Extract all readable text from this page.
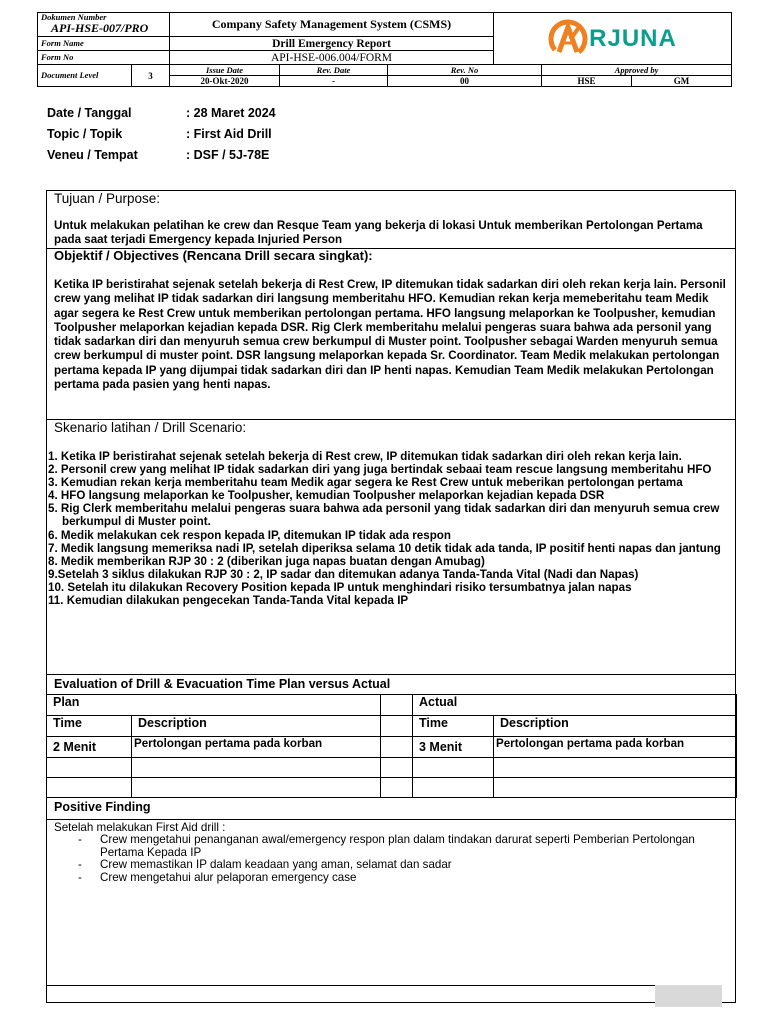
Dokumen Number
API-HSE-007/PRO		Company Safety Management System (CSMS)			RJUNA		

Form Name		Drill Emergency Report					
Form No		API-HSE-006.004/FORM					
Document Level	3	Issue Date	Rev. Date	Rev. No		Approved by	
		20-Okt-2020	-	00		HSE	GM
Date / Tanggal	: 28 Maret 2024
Topic / Topik	: First Aid Drill
Veneu / Tempat	: DSF / 5J-78E
Tujuan / Purpose:
Untuk melakukan pelatihan ke crew dan Resque Team yang bekerja di lokasi Untuk memberikan Pertolongan Pertama pada saat terjadi Emergency kepada Injuried Person
Objektif / Objectives (Rencana Drill secara singkat):
Ketika IP beristirahat sejenak setelah bekerja di Rest Crew, IP ditemukan tidak sadarkan diri oleh rekan kerja lain. Personil crew yang melihat IP tidak sadarkan diri langsung memberitahu HFO. Kemudian rekan kerja memeberitahu team Medik agar segera ke Rest Crew untuk memberikan pertolongan pertama. HFO langsung melaporkan ke Toolpusher, kemudian Toolpusher melaporkan kejadian kepada DSR. Rig Clerk memberitahu melalui pengeras suara bahwa ada personil yang tidak sadarkan diri dan menyuruh semua crew berkumpul di Muster point. Toolpusher sebagai Warden menyuruh semua crew berkumpul di muster point. DSR langsung melaporkan kepada Sr. Coordinator. Team Medik melakukan pertolongan pertama kepada IP yang dijumpai tidak sadarkan diri dan IP henti napas. Kemudian Team Medik melakukan Pertolongan pertama pada pasien yang henti napas.
Skenario latihan / Drill Scenario:
1. Ketika IP beristirahat sejenak setelah bekerja di Rest crew, IP ditemukan tidak sadarkan diri oleh rekan kerja lain.
2. Personil crew yang melihat IP tidak sadarkan diri yang juga bertindak sebaai team rescue langsung memberitahu HFO
3. Kemudian rekan kerja memberitahu team Medik agar segera ke Rest Crew untuk meberikan pertolongan pertama
4. HFO langsung melaporkan ke Toolpusher, kemudian Toolpusher melaporkan kejadian kepada DSR
5. Rig Clerk memberitahu melalui pengeras suara bahwa ada personil yang tidak sadarkan diri dan menyuruh semua crew berkumpul di Muster point.
6. Medik melakukan cek respon kepada IP, ditemukan IP tidak ada respon
7. Medik langsung memeriksa nadi IP, setelah diperiksa selama 10 detik tidak ada tanda, IP positif henti napas dan jantung
8. Medik memberikan RJP 30 : 2 (diberikan juga napas buatan dengan Amubag)
9.Setelah 3 siklus dilakukan RJP 30 : 2, IP sadar dan ditemukan adanya Tanda-Tanda Vital (Nadi dan Napas)
10. Setelah itu dilakukan Recovery Position kepada IP untuk menghindari risiko tersumbatnya jalan napas
11. Kemudian dilakukan pengecekan Tanda-Tanda Vital kepada IP
Evaluation of Drill & Evacuation Time Plan versus Actual
Plan			Actual	
Time	Description		Time	Description
2 Menit	Pertolongan pertama pada korban		3 Menit	Pertolongan pertama pada korban

Positive Finding
Setelah melakukan First Aid drill :
- Crew mengetahui penanganan awal/emergency respon plan dalam tindakan darurat seperti Pemberian Pertolongan Pertama Kepada IP
- Crew memastikan IP dalam keadaan yang aman, selamat dan sadar
- Crew mengetahui alur pelaporan emergency case
